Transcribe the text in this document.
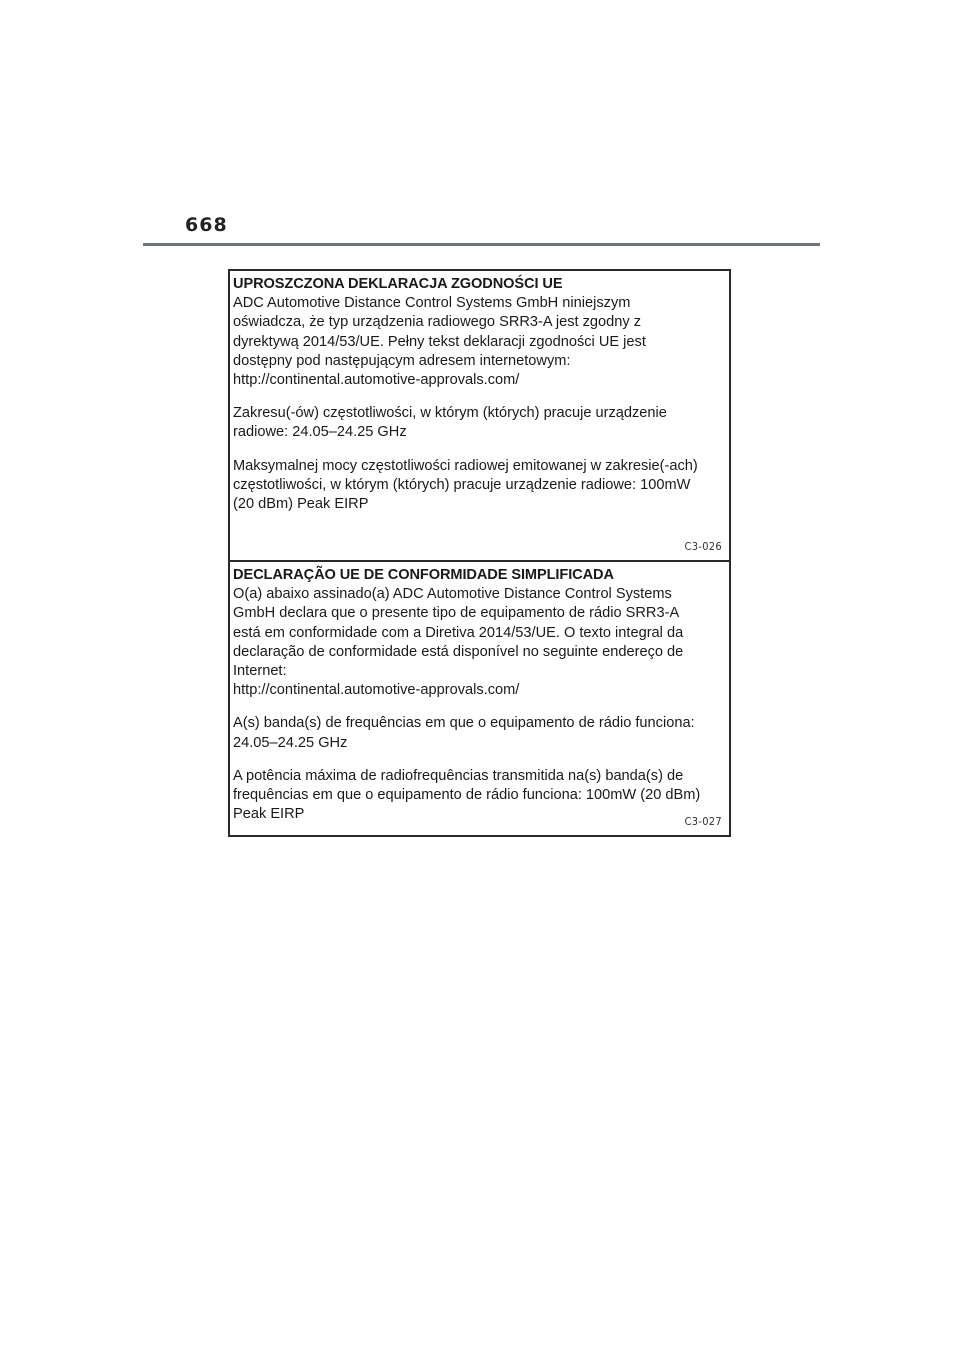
668
UPROSZCZONA DEKLARACJA ZGODNOŚCI UE

ADC Automotive Distance Control Systems GmbH niniejszym
oświadcza, że typ urządzenia radiowego SRR3-A jest zgodny z
dyrektywą 2014/53/UE. Pełny tekst deklaracji zgodności UE jest
dostępny pod następującym adresem internetowym:
http://continental.automotive-approvals.com/

Zakresu(-ów) częstotliwości, w którym (których) pracuje urządzenie
radiowe: 24.05–24.25 GHz

Maksymalnej mocy częstotliwości radiowej emitowanej w zakresie(-ach)
częstotliwości, w którym (których) pracuje urządzenie radiowe: 100mW
(20 dBm) Peak EIRP

C3-026
DECLARAÇÃO UE DE CONFORMIDADE SIMPLIFICADA

O(a) abaixo assinado(a) ADC Automotive Distance Control Systems
GmbH declara que o presente tipo de equipamento de rádio SRR3-A
está em conformidade com a Diretiva 2014/53/UE. O texto integral da
declaração de conformidade está disponível no seguinte endereço de
Internet:
http://continental.automotive-approvals.com/

A(s) banda(s) de frequências em que o equipamento de rádio funciona:
24.05–24.25 GHz

A potência máxima de radiofrequências transmitida na(s) banda(s) de
frequências em que o equipamento de rádio funciona: 100mW (20 dBm)
Peak EIRP	C3-027
